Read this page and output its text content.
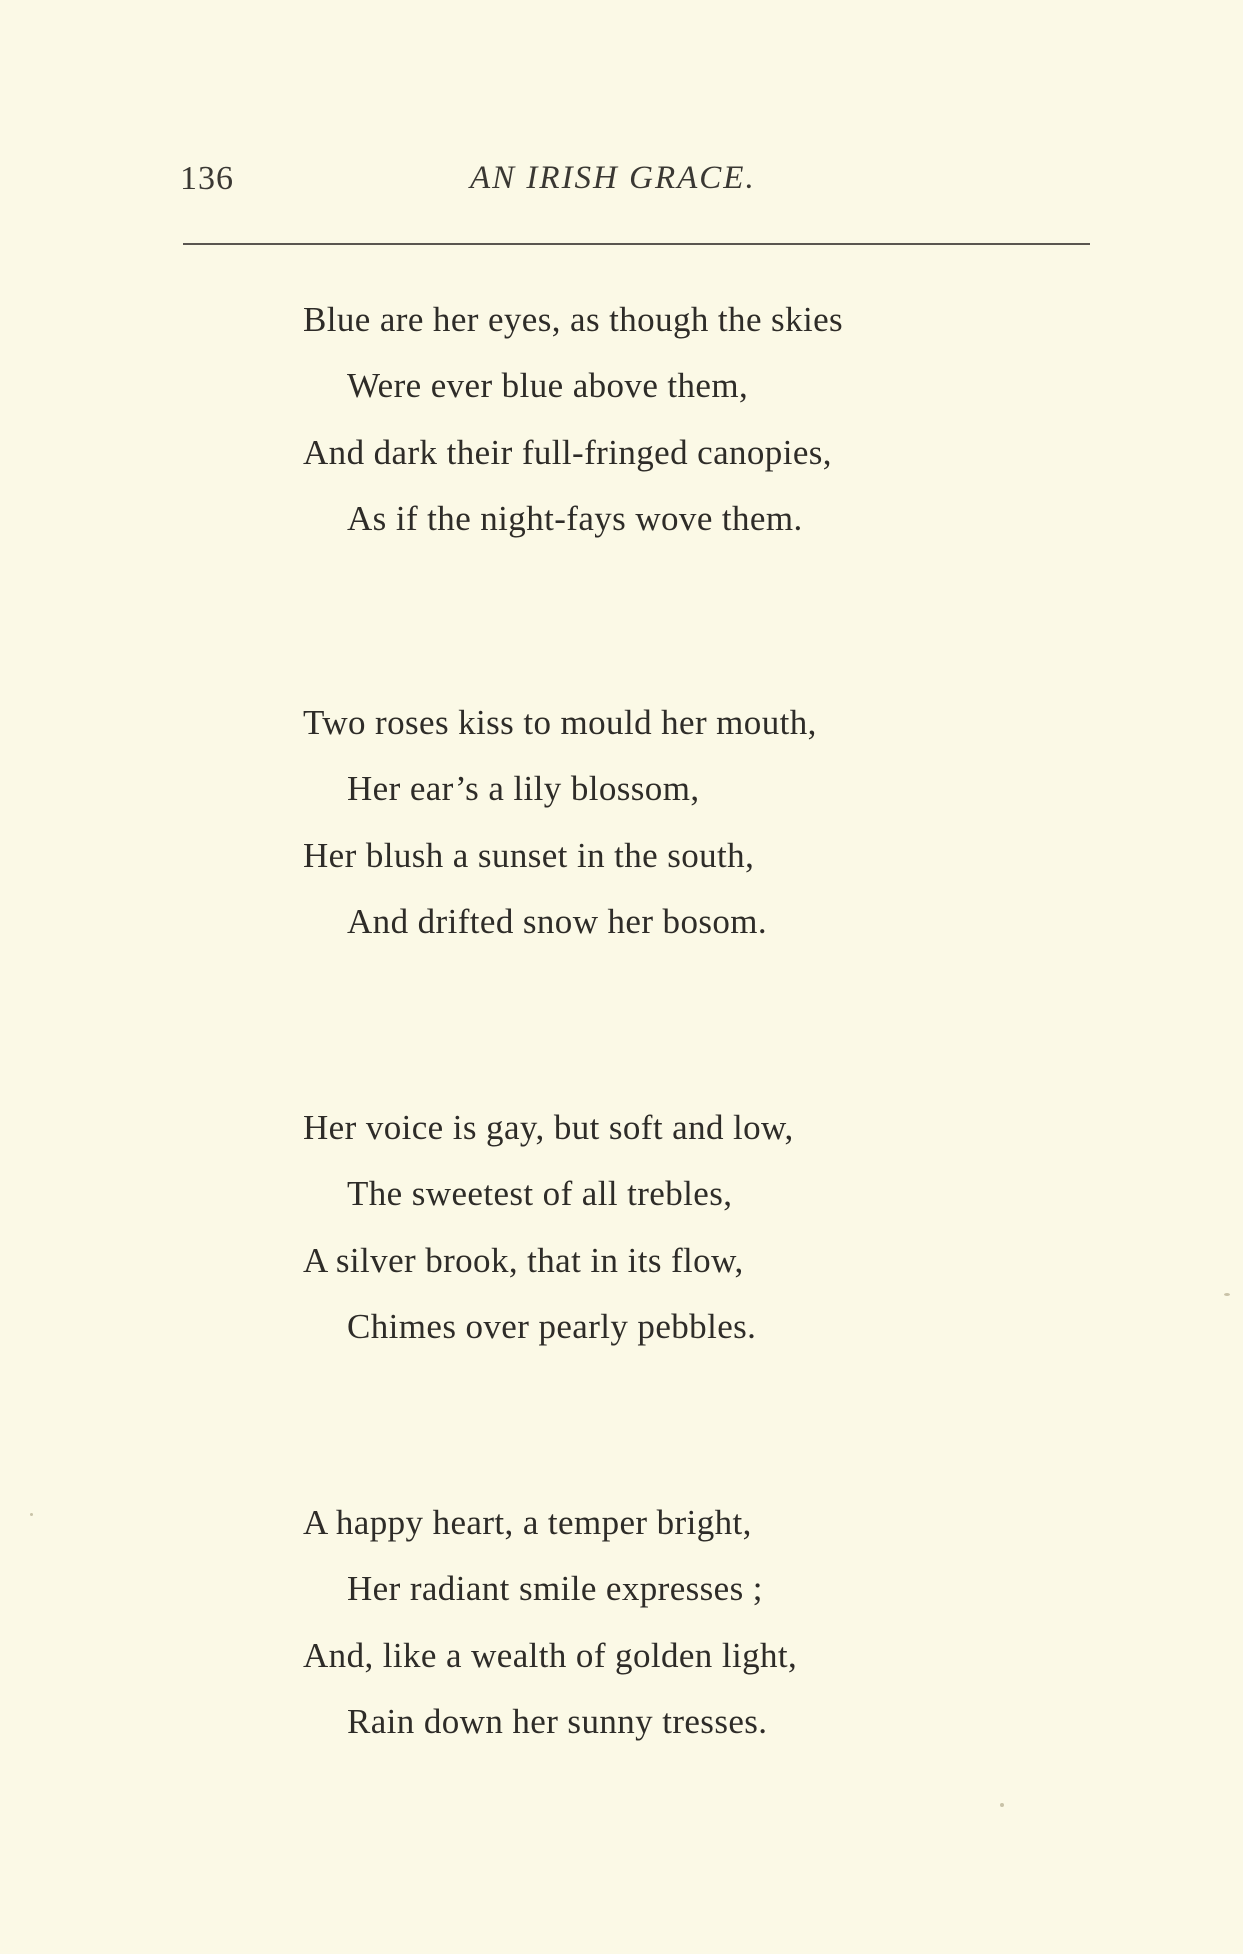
136	AN IRISH GRACE.
Blue are her eyes, as though the skies
Were ever blue above them,
And dark their full-fringed canopies,
As if the night-fays wove them.
Two roses kiss to mould her mouth,
Her ear’s a lily blossom,
Her blush a sunset in the south,
And drifted snow her bosom.
Her voice is gay, but soft and low,
The sweetest of all trebles,
A silver brook, that in its flow,
Chimes over pearly pebbles.
A happy heart, a temper bright,
Her radiant smile expresses ;
And, like a wealth of golden light,
Rain down her sunny tresses.
